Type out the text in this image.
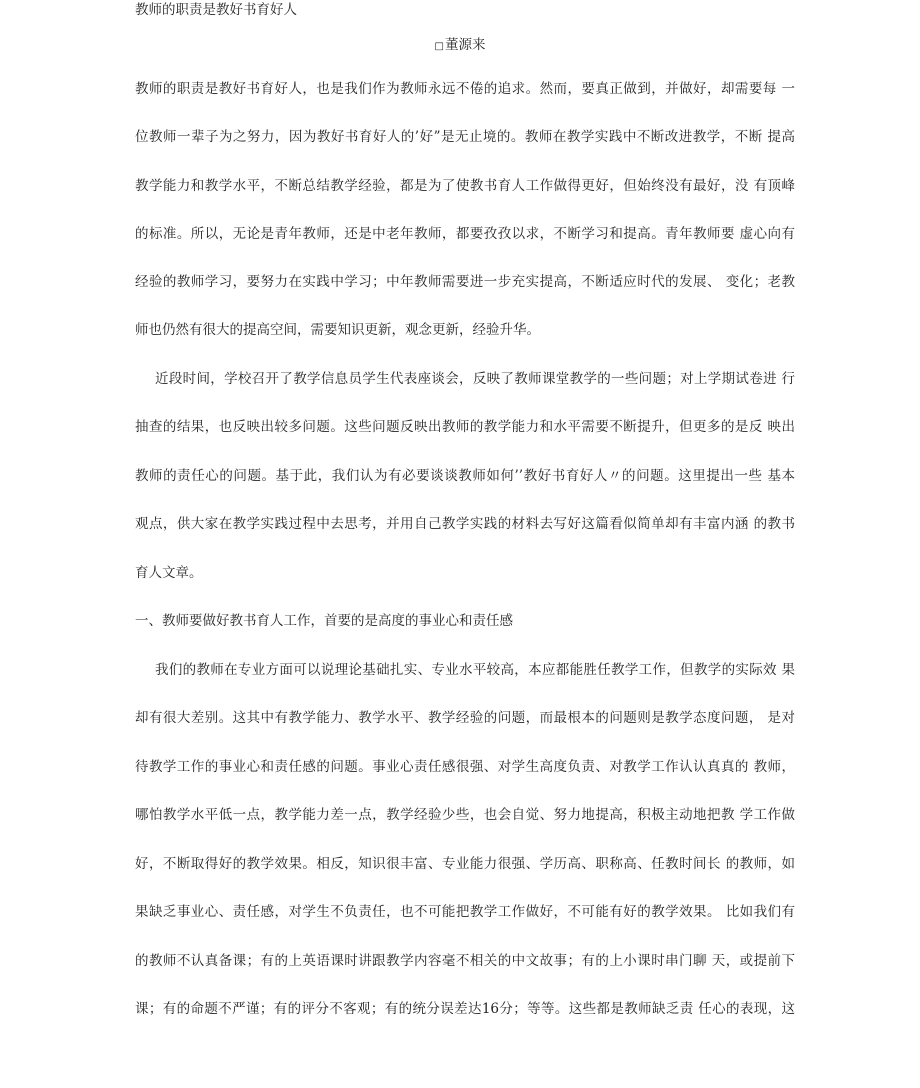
教师的职责是教好书育好人
□董源来
教师的职责是教好书育好人，也是我们作为教师永远不倦的追求。然而，要真正做到，并做好，却需要每 一
位教师一辈子为之努力，因为教好书育好人的’好”是无止境的。教师在教学实践中不断改进教学，不断 提高
教学能力和教学水平，不断总结教学经验，都是为了使教书育人工作做得更好，但始终没有最好，没 有顶峰
的标准。所以，无论是青年教师，还是中老年教师，都要孜孜以求，不断学习和提高。青年教师要 虚心向有
经验的教师学习，要努力在实践中学习；中年教师需要进一步充实提高，不断适应时代的发展、 变化；老教
师也仍然有很大的提高空间，需要知识更新，观念更新，经验升华。
近段时间，学校召开了教学信息员学生代表座谈会，反映了教师课堂教学的一些问题；对上学期试卷进 行
抽查的结果，也反映出较多问题。这些问题反映出教师的教学能力和水平需要不断提升，但更多的是反 映出
教师的责任心的问题。基于此，我们认为有必要谈谈教师如何’’教好书育好人〃的问题。这里提出一些 基本
观点，供大家在教学实践过程中去思考，并用自己教学实践的材料去写好这篇看似简单却有丰富内涵 的教书
育人文章。
一、教师要做好教书育人工作，首要的是高度的事业心和责任感
我们的教师在专业方面可以说理论基础扎实、专业水平较高，本应都能胜任教学工作，但教学的实际效 果
却有很大差别。这其中有教学能力、教学水平、教学经验的问题，而最根本的问题则是教学态度问题， 是对
待教学工作的事业心和责任感的问题。事业心责任感很强、对学生高度负责、对教学工作认认真真的 教师，
哪怕教学水平低一点，教学能力差一点，教学经验少些，也会自觉、努力地提高，积极主动地把教 学工作做
好，不断取得好的教学效果。相反，知识很丰富、专业能力很强、学历高、职称高、任教时间长 的教师，如
果缺乏事业心、责任感，对学生不负责任，也不可能把教学工作做好，不可能有好的教学效果。 比如我们有
的教师不认真备课；有的上英语课时讲跟教学内容毫不相关的中文故事；有的上小课时串门聊 天，或提前下
课；有的命题不严谨；有的评分不客观；有的统分误差达16分；等等。这些都是教师缺乏责 任心的表现，这
